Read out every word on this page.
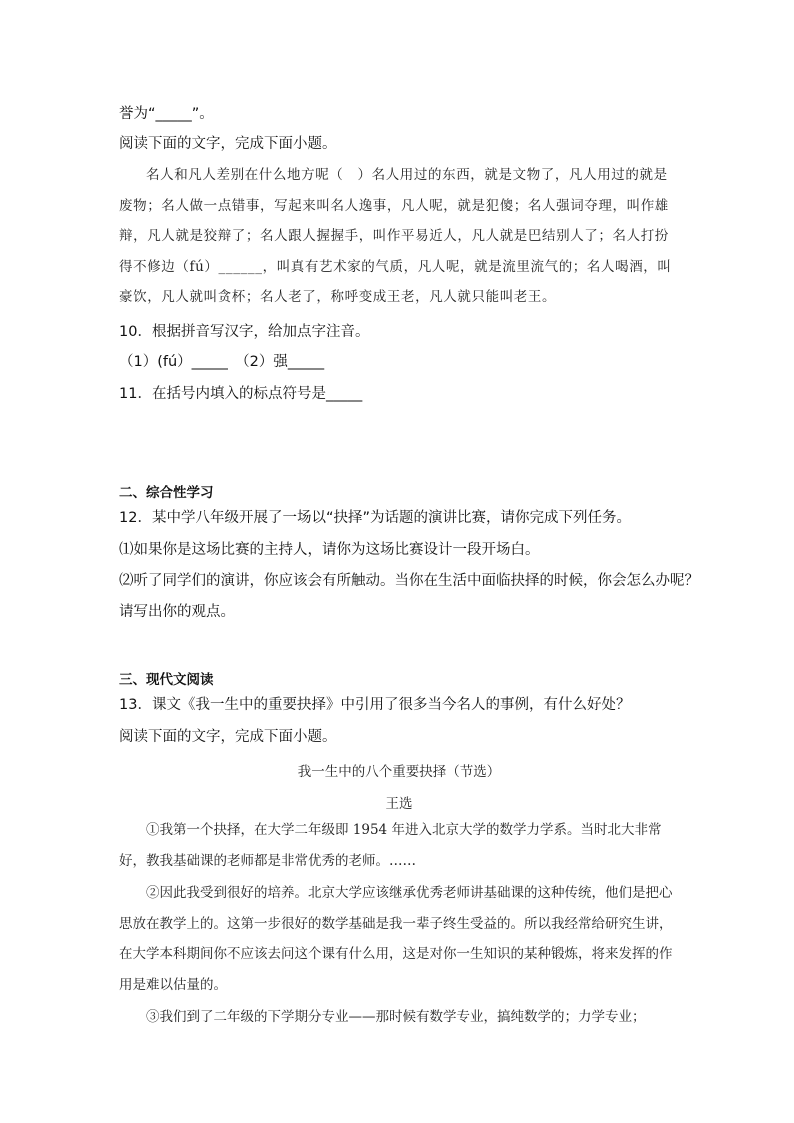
誉为“_____”。
阅读下面的文字，完成下面小题。

名人和凡人差别在什么地方呢（　）名人用过的东西，就是文物了，凡人用过的就是废物；名人做一点错事，写起来叫名人逸事，凡人呢，就是犯傻；名人强词夺理，叫作雄辩，凡人就是狡辩了；名人跟人握握手，叫作平易近人，凡人就是巴结别人了；名人打扮得不修边（fú）______，叫真有艺术家的气质，凡人呢，就是流里流气的；名人喝酒，叫豪饮，凡人就叫贪杯；名人老了，称呼变成王老，凡人就只能叫老王。

10．根据拼音写汉字，给加点字注音。
（1）(fú）_____　（2）强_____
11．在括号内填入的标点符号是_____
二、综合性学习
12．某中学八年级开展了一场以“抉择”为话题的演讲比赛，请你完成下列任务。
⑴如果你是这场比赛的主持人，请你为这场比赛设计一段开场白。
⑵听了同学们的演讲，你应该会有所触动。当你在生活中面临抉择的时候，你会怎么办呢？
请写出你的观点。
三、现代文阅读
13．课文《我一生中的重要抉择》中引用了很多当今名人的事例，有什么好处？
阅读下面的文字，完成下面小题。
我一生中的八个重要抉择（节选）
王选

①我第一个抉择，在大学二年级即 1954 年进入北京大学的数学力学系。当时北大非常好，教我基础课的老师都是非常优秀的老师。……

②因此我受到很好的培养。北京大学应该继承优秀老师讲基础课的这种传统，他们是把心思放在教学上的。这第一步很好的数学基础是我一辈子终生受益的。所以我经常给研究生讲，在大学本科期间你不应该去问这个课有什么用，这是对你一生知识的某种锻炼，将来发挥的作用是难以估量的。

③我们到了二年级的下学期分专业——那时候有数学专业，搞纯数学的；力学专业；
